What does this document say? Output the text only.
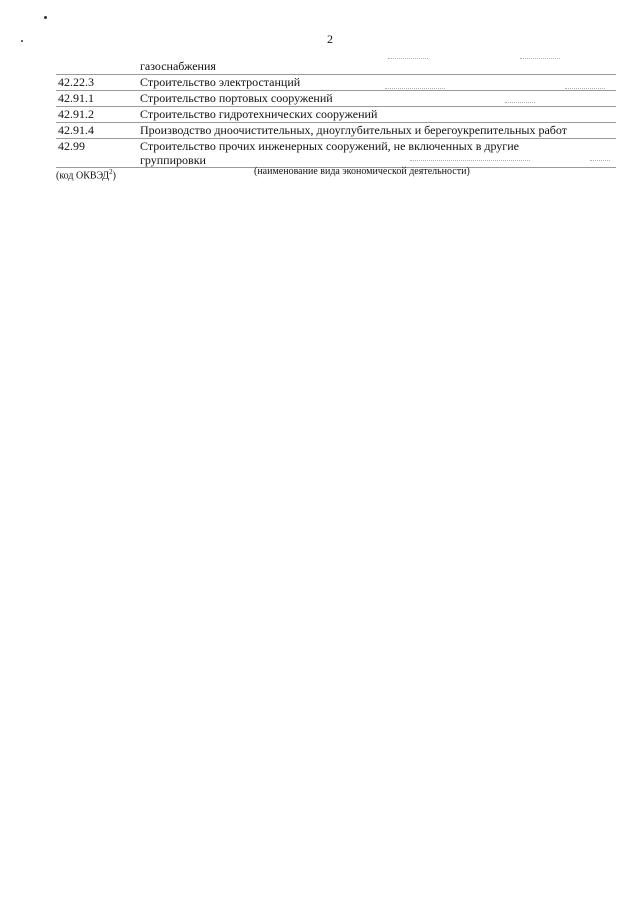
2
газоснабжения
42.22.3	Строительство электростанций
42.91.1	Строительство портовых сооружений
42.91.2	Строительство гидротехнических сооружений
42.91.4	Производство дноочистительных, дноуглубительных и берегоукрепительных работ
42.99	Строительство прочих инженерных сооружений, не включенных в другие группировки
(код ОКВЭД$^2$)	(наименование вида экономической деятельности)
